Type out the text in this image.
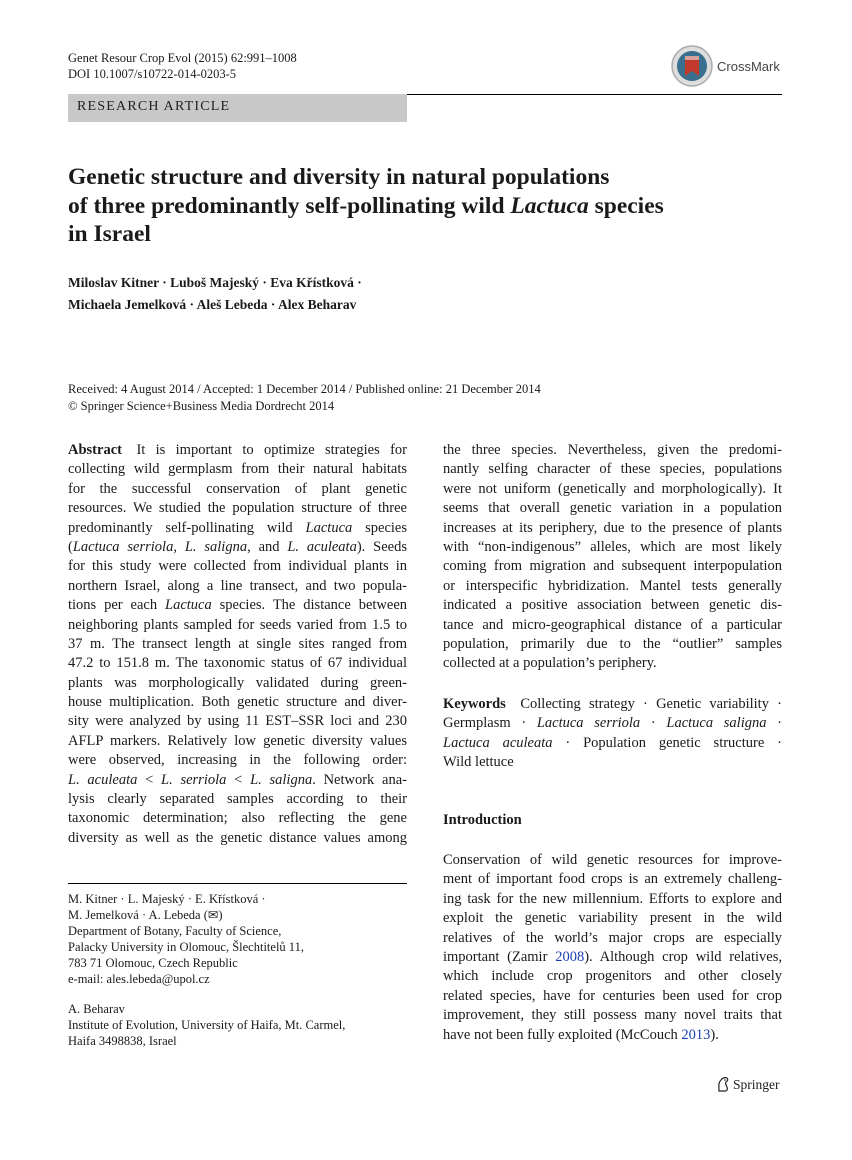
Genet Resour Crop Evol (2015) 62:991–1008
DOI 10.1007/s10722-014-0203-5	CrossMark
RESEARCH ARTICLE
Genetic structure and diversity in natural populations
of three predominantly self-pollinating wild Lactuca species
in Israel
Miloslav Kitner · Luboš Majeský · Eva Křístková ·
Michaela Jemelková · Aleš Lebeda · Alex Beharav
Received: 4 August 2014 / Accepted: 1 December 2014 / Published online: 21 December 2014
© Springer Science+Business Media Dordrecht 2014
Abstract It is important to optimize strategies for
collecting wild germplasm from their natural habitats
for the successful conservation of plant genetic
resources. We studied the population structure of three
predominantly self-pollinating wild Lactuca species
(Lactuca serriola, L. saligna, and L. aculeata). Seeds
for this study were collected from individual plants in
northern Israel, along a line transect, and two popula-
tions per each Lactuca species. The distance between
neighboring plants sampled for seeds varied from 1.5 to
37 m. The transect length at single sites ranged from
47.2 to 151.8 m. The taxonomic status of 67 individual
plants was morphologically validated during green-
house multiplication. Both genetic structure and diver-
sity were analyzed by using 11 EST–SSR loci and 230
AFLP markers. Relatively low genetic diversity values
were observed, increasing in the following order:
L. aculeata < L. serriola < L. saligna. Network ana-
lysis clearly separated samples according to their
taxonomic determination; also reflecting the gene
diversity as well as the genetic distance values among
the three species. Nevertheless, given the predomi-
nantly selfing character of these species, populations
were not uniform (genetically and morphologically). It
seems that overall genetic variation in a population
increases at its periphery, due to the presence of plants
with “non-indigenous” alleles, which are most likely
coming from migration and subsequent interpopulation
or interspecific hybridization. Mantel tests generally
indicated a positive association between genetic dis-
tance and micro-geographical distance of a particular
population, primarily due to the “outlier” samples
collected at a population’s periphery.
Keywords Collecting strategy · Genetic variability ·
Germplasm · Lactuca serriola · Lactuca saligna ·
Lactuca aculeata · Population genetic structure ·
Wild lettuce
Introduction
Conservation of wild genetic resources for improve-
ment of important food crops is an extremely challeng-
ing task for the new millennium. Efforts to explore and
exploit the genetic variability present in the wild
relatives of the world’s major crops are especially
important (Zamir 2008). Although crop wild relatives,
which include crop progenitors and other closely
related species, have for centuries been used for crop
improvement, they still possess many novel traits that
have not been fully exploited (McCouch 2013).
M. Kitner · L. Majeský · E. Křístková ·
M. Jemelková · A. Lebeda (✉)
Department of Botany, Faculty of Science,
Palacky University in Olomouc, Šlechtitelů 11,
783 71 Olomouc, Czech Republic
e-mail: ales.lebeda@upol.cz
A. Beharav
Institute of Evolution, University of Haifa, Mt. Carmel,
Haifa 3498838, Israel
Springer
